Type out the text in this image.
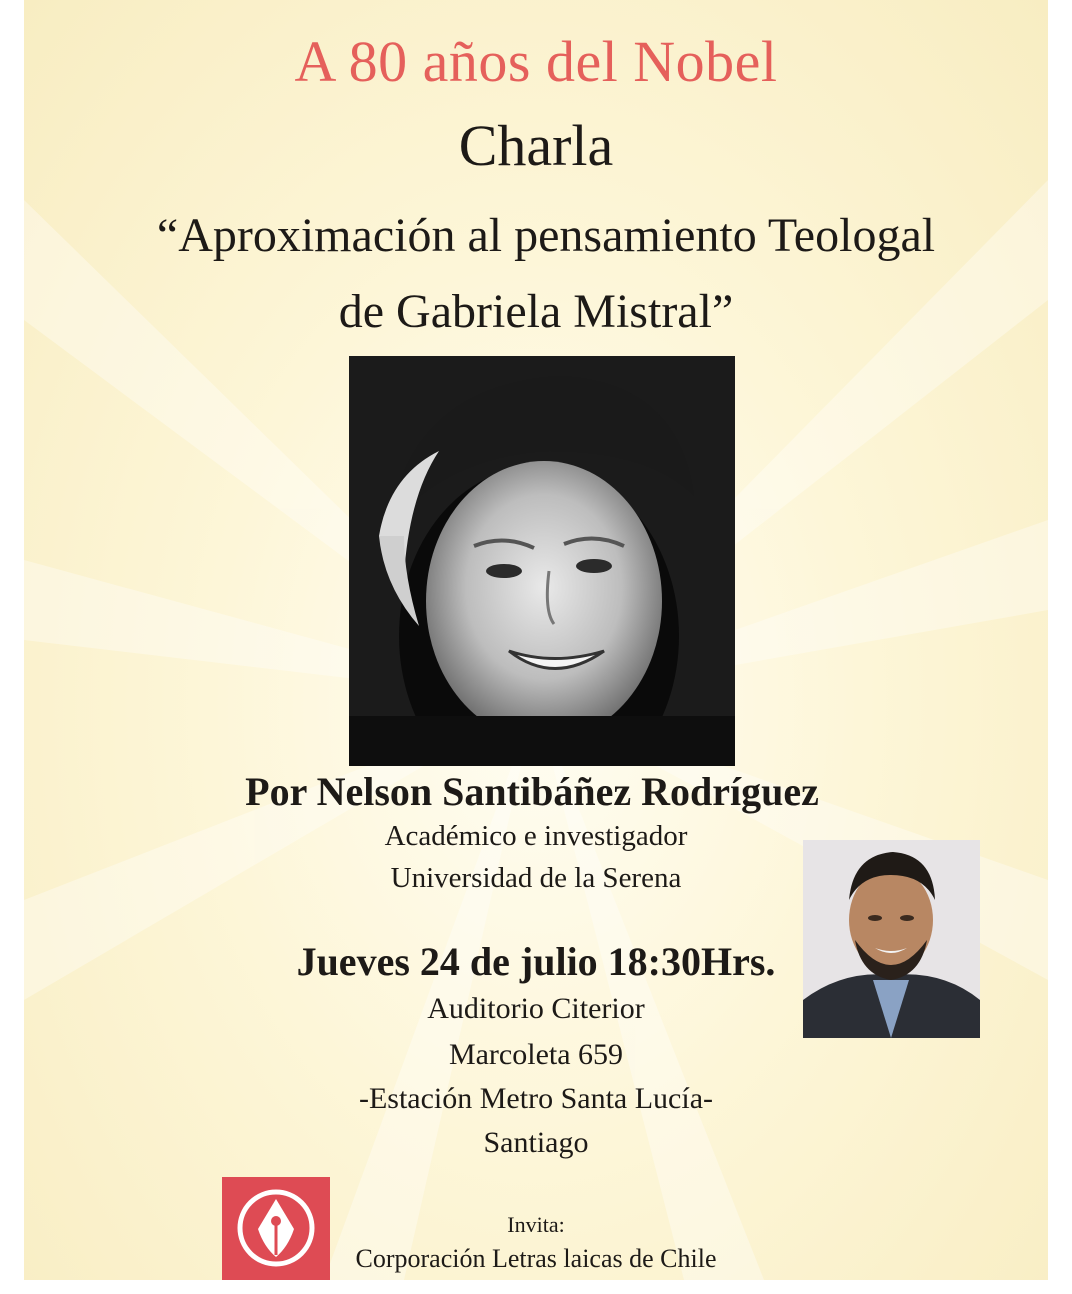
A 80 años del Nobel
Charla
“Aproximación al pensamiento Teologal
de Gabriela Mistral”
Por Nelson Santibáñez Rodríguez
Académico e investigador
Universidad de la Serena
Jueves 24 de julio 18:30Hrs.
Auditorio Citerior
Marcoleta 659
-Estación Metro Santa Lucía-
Santiago
Invita:
Corporación Letras laicas de Chile
